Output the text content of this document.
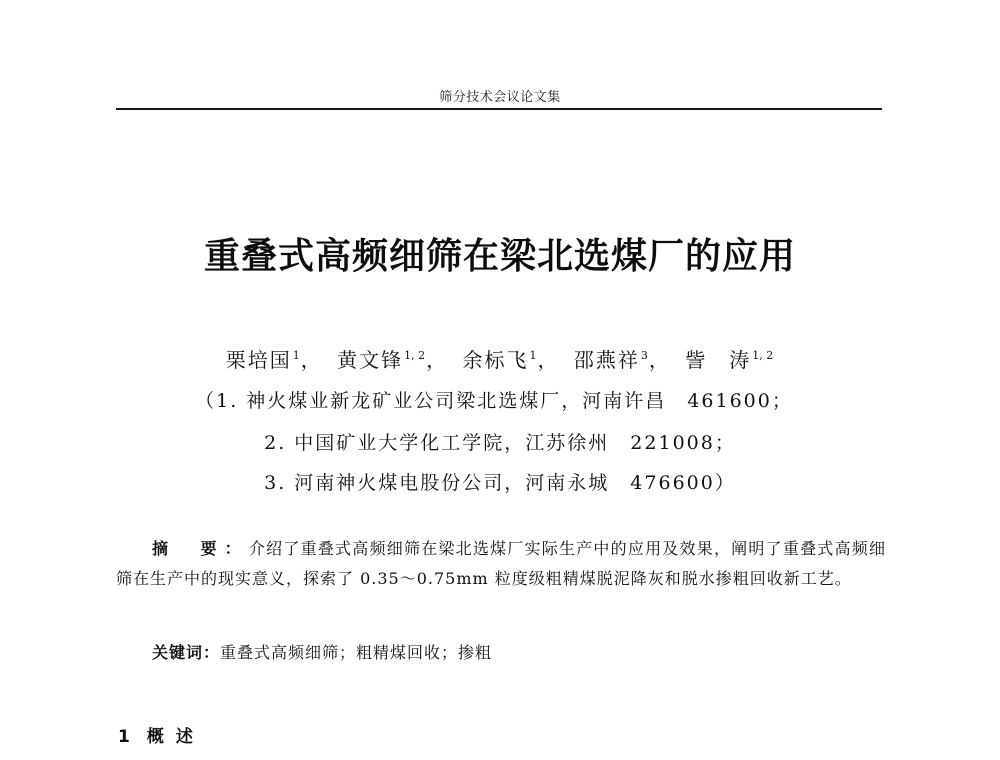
筛分技术会议论文集
重叠式高频细筛在梁北选煤厂的应用
栗培国$^1$， 黄文锋$^{1, 2}$， 余标飞$^1$， 邵燕祥$^3$， 訾　涛$^{1, 2}$
（1. 神火煤业新龙矿业公司梁北选煤厂，河南许昌　461600；
2. 中国矿业大学化工学院，江苏徐州　221008；
3. 河南神火煤电股份公司，河南永城　476600）
摘　要：介绍了重叠式高频细筛在梁北选煤厂实际生产中的应用及效果，阐明了重叠式高频细筛在生产中的现实意义，探索了 0.35～0.75mm 粒度级粗精煤脱泥降灰和脱水掺粗回收新工艺。
关键词：重叠式高频细筛；粗精煤回收；掺粗
1 概述
